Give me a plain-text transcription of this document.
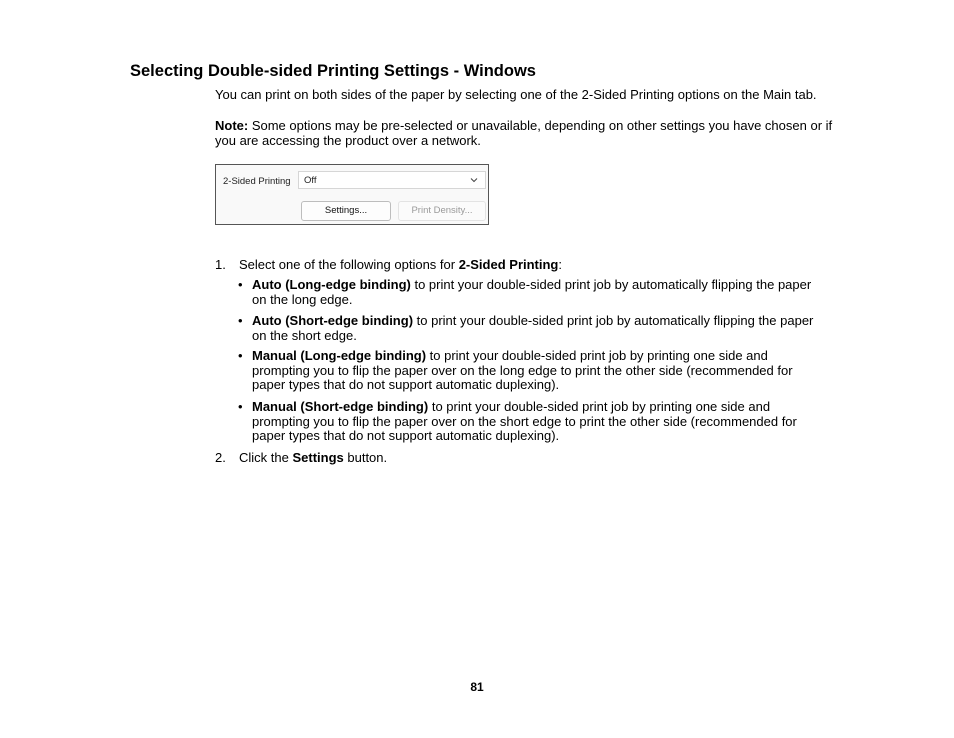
Selecting Double-sided Printing Settings - Windows
You can print on both sides of the paper by selecting one of the 2-Sided Printing options on the Main tab.
Note: Some options may be pre-selected or unavailable, depending on other settings you have chosen or if you are accessing the product over a network.
2-Sided Printing Off
Settings...	Print Density...
1. Select one of the following options for 2-Sided Printing:
• Auto (Long-edge binding) to print your double-sided print job by automatically flipping the paper on the long edge.
• Auto (Short-edge binding) to print your double-sided print job by automatically flipping the paper on the short edge.
• Manual (Long-edge binding) to print your double-sided print job by printing one side and prompting you to flip the paper over on the long edge to print the other side (recommended for paper types that do not support automatic duplexing).
• Manual (Short-edge binding) to print your double-sided print job by printing one side and prompting you to flip the paper over on the short edge to print the other side (recommended for paper types that do not support automatic duplexing).
2. Click the Settings button.
81
